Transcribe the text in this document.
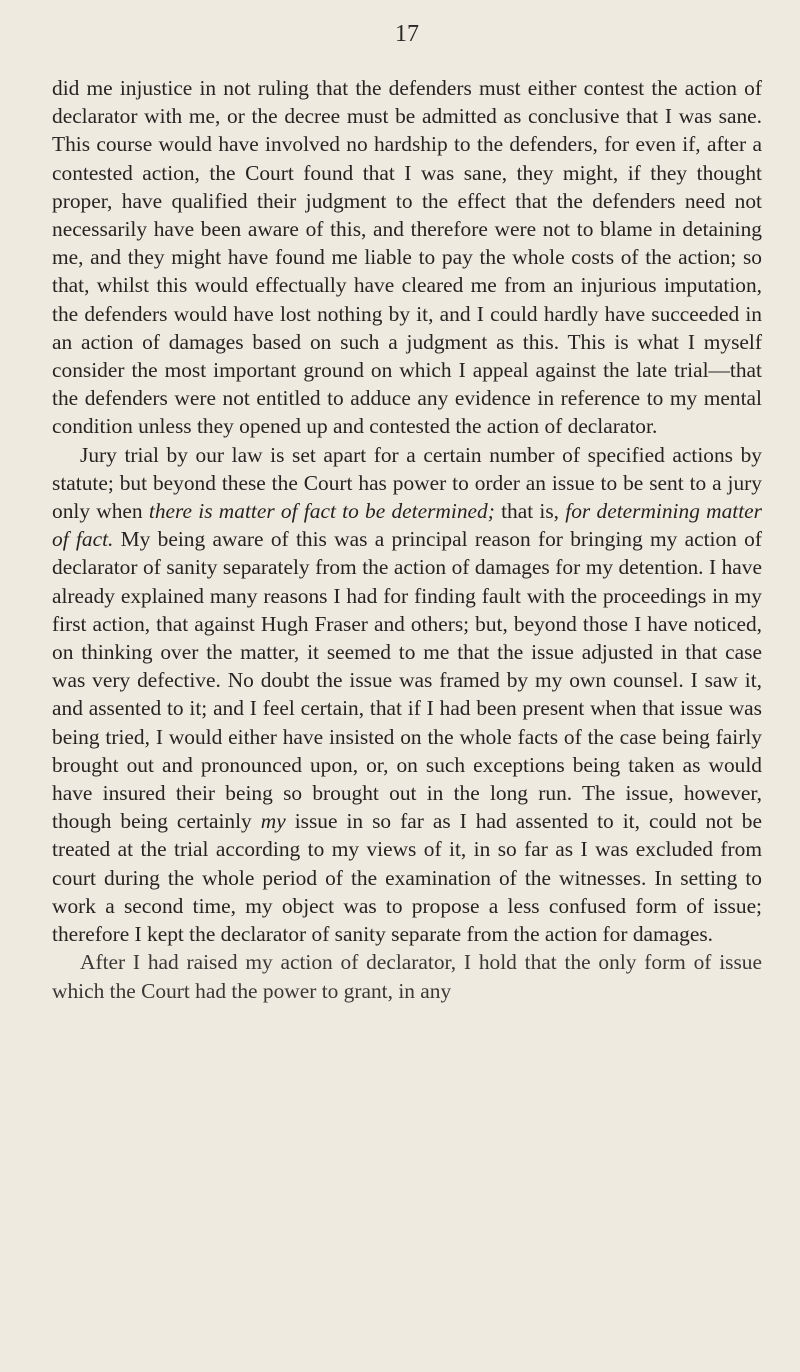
17

did me injustice in not ruling that the defenders must either contest the action of declarator with me, or the decree must be admitted as conclusive that I was sane. This course would have involved no hardship to the defenders, for even if, after a contested action, the Court found that I was sane, they might, if they thought proper, have qualified their judgment to the effect that the defenders need not necessarily have been aware of this, and therefore were not to blame in detaining me, and they might have found me liable to pay the whole costs of the action; so that, whilst this would effectually have cleared me from an injurious imputation, the defenders would have lost nothing by it, and I could hardly have succeeded in an action of damages based on such a judgment as this. This is what I myself consider the most important ground on which I appeal against the late trial—that the defenders were not entitled to adduce any evidence in reference to my mental condition unless they opened up and contested the action of declarator.

Jury trial by our law is set apart for a certain number of specified actions by statute; but beyond these the Court has power to order an issue to be sent to a jury only when there is matter of fact to be determined; that is, for determining matter of fact. My being aware of this was a principal reason for bringing my action of declarator of sanity separately from the action of damages for my detention. I have already explained many reasons I had for finding fault with the proceedings in my first action, that against Hugh Fraser and others; but, beyond those I have noticed, on thinking over the matter, it seemed to me that the issue adjusted in that case was very defective. No doubt the issue was framed by my own counsel. I saw it, and assented to it; and I feel certain, that if I had been present when that issue was being tried, I would either have insisted on the whole facts of the case being fairly brought out and pronounced upon, or, on such exceptions being taken as would have insured their being so brought out in the long run. The issue, however, though being certainly my issue in so far as I had assented to it, could not be treated at the trial according to my views of it, in so far as I was excluded from court during the whole period of the examination of the witnesses. In setting to work a second time, my object was to propose a less confused form of issue; therefore I kept the declarator of sanity separate from the action for damages.

After I had raised my action of declarator, I hold that the only form of issue which the Court had the power to grant, in any
